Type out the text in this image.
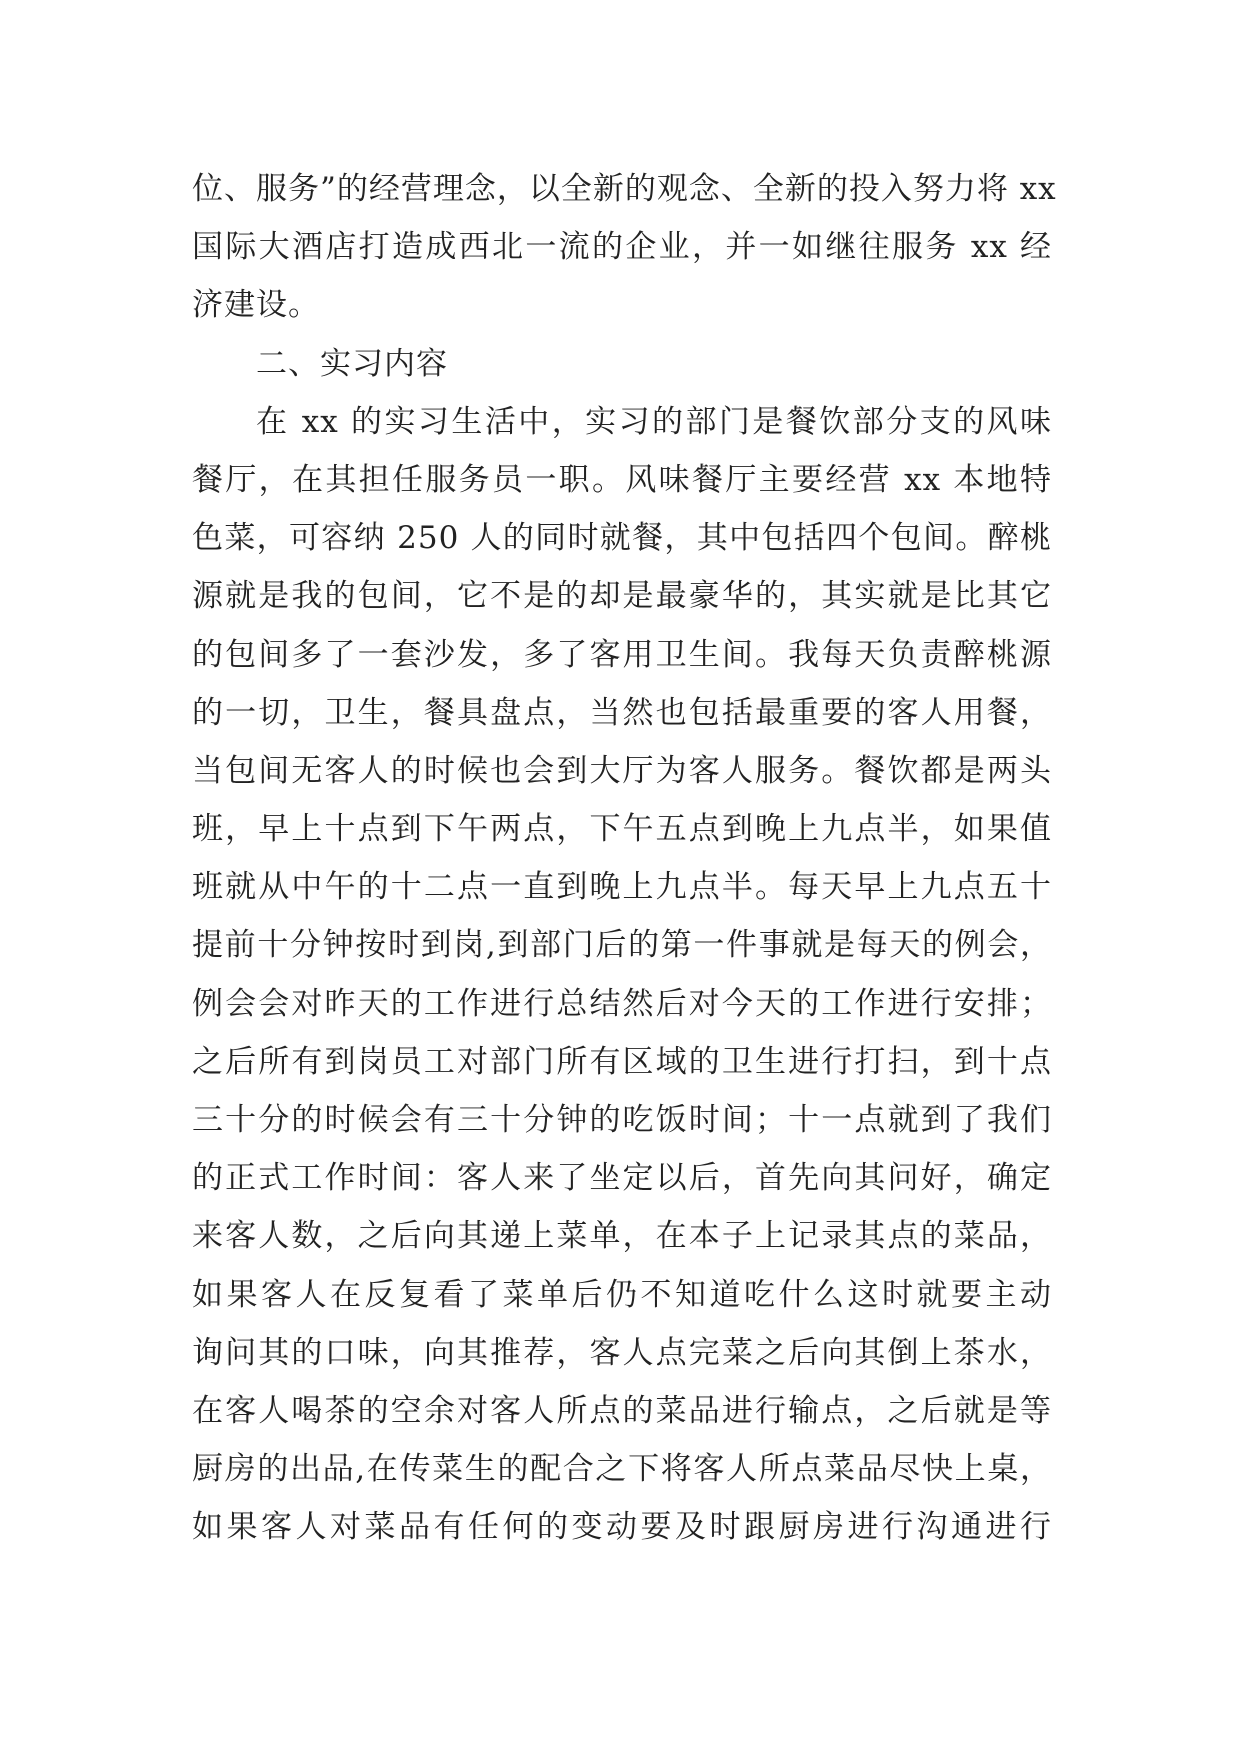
位、服务”的经营理念，以全新的观念、全新的投入努力将 xx
国际大酒店打造成西北一流的企业，并一如继往服务 xx 经
济建设。
二、实习内容
在 xx 的实习生活中，实习的部门是餐饮部分支的风味
餐厅，在其担任服务员一职。风味餐厅主要经营 xx 本地特
色菜，可容纳 250 人的同时就餐，其中包括四个包间。醉桃
源就是我的包间，它不是的却是最豪华的，其实就是比其它
的包间多了一套沙发，多了客用卫生间。我每天负责醉桃源
的一切，卫生，餐具盘点，当然也包括最重要的客人用餐，
当包间无客人的时候也会到大厅为客人服务。餐饮都是两头
班，早上十点到下午两点，下午五点到晚上九点半，如果值
班就从中午的十二点一直到晚上九点半。每天早上九点五十
提前十分钟按时到岗,到部门后的第一件事就是每天的例会，
例会会对昨天的工作进行总结然后对今天的工作进行安排；
之后所有到岗员工对部门所有区域的卫生进行打扫，到十点
三十分的时候会有三十分钟的吃饭时间；十一点就到了我们
的正式工作时间：客人来了坐定以后，首先向其问好，确定
来客人数，之后向其递上菜单，在本子上记录其点的菜品，
如果客人在反复看了菜单后仍不知道吃什么这时就要主动
询问其的口味，向其推荐，客人点完菜之后向其倒上茶水，
在客人喝茶的空余对客人所点的菜品进行输点，之后就是等
厨房的出品,在传菜生的配合之下将客人所点菜品尽快上桌，
如果客人对菜品有任何的变动要及时跟厨房进行沟通进行
